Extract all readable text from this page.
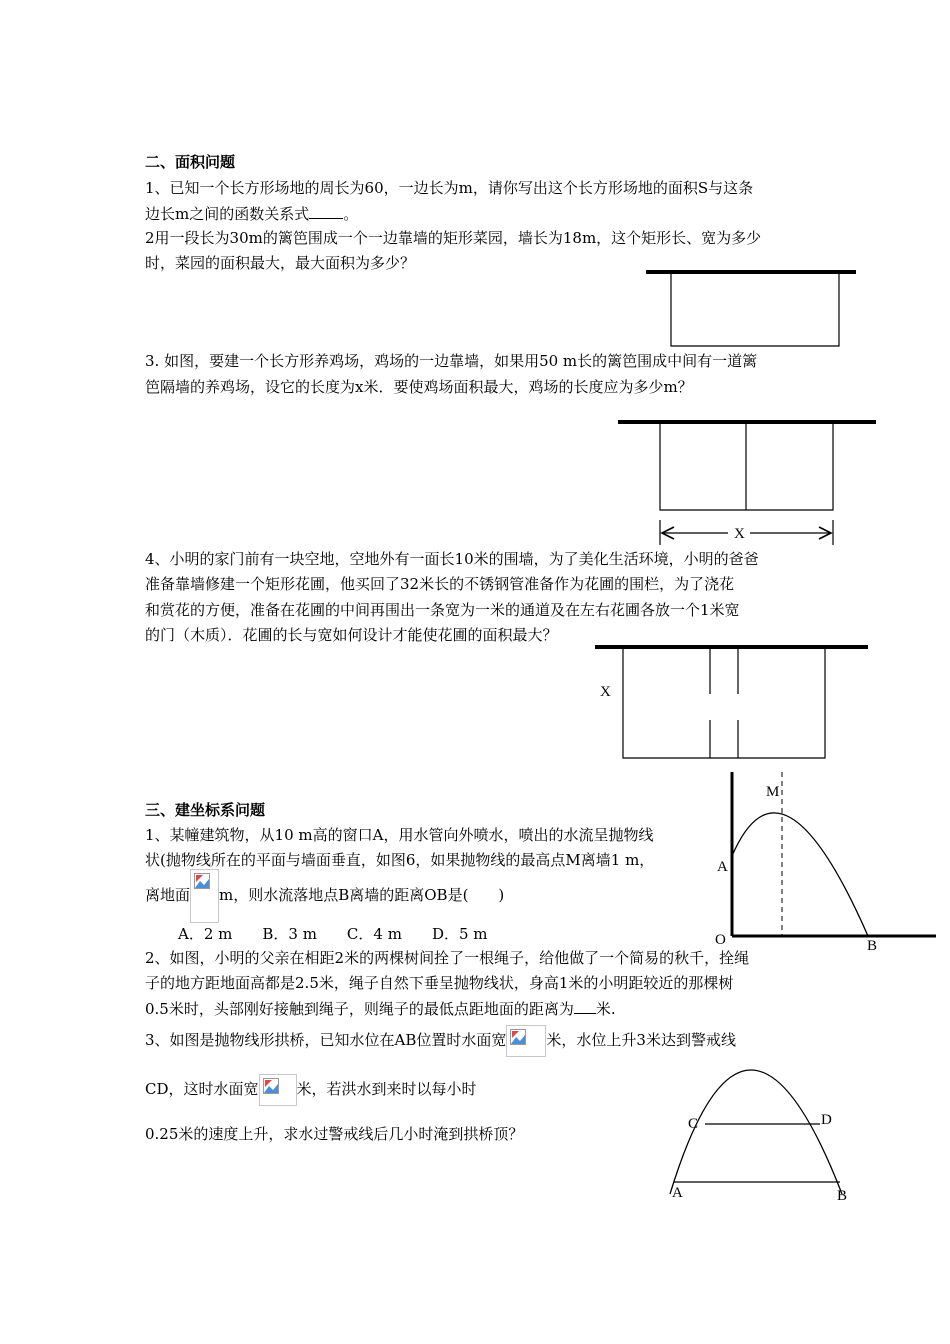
二、面积问题
1、已知一个长方形场地的周长为60，一边长为m，请你写出这个长方形场地的面积S与这条
边长m之间的函数关系式 。
2用一段长为30m的篱笆围成一个一边靠墙的矩形菜园，墙长为18m，这个矩形长、宽为多少
时，菜园的面积最大，最大面积为多少？
3. 如图，要建一个长方形养鸡场，鸡场的一边靠墙，如果用50 m长的篱笆围成中间有一道篱
笆隔墙的养鸡场，设它的长度为x米．要使鸡场面积最大，鸡场的长度应为多少m？
X
4、小明的家门前有一块空地，空地外有一面长10米的围墙，为了美化生活环境，小明的爸爸
准备靠墙修建一个矩形花圃，他买回了32米长的不锈钢管准备作为花圃的围栏，为了浇花
和赏花的方便，准备在花圃的中间再围出一条宽为一米的通道及在左右花圃各放一个1米宽
的门（木质）．花圃的长与宽如何设计才能使花圃的面积最大？
X
三、建坐标系问题
1、某幢建筑物，从10 m高的窗口A，用水管向外喷水，喷出的水流呈抛物线
状(抛物线所在的平面与墙面垂直，如图6，如果抛物线的最高点M离墙1 m，
离地面 m，则水流落地点B离墙的距离OB是(　　)
A．2 m　　B．3 m　　C．4 m　　D．5 m
M
A
O	B
2、如图，小明的父亲在相距2米的两棵树间拴了一根绳子，给他做了一个简易的秋千，拴绳
子的地方距地面高都是2.5米，绳子自然下垂呈抛物线状，身高1米的小明距较近的那棵树
0.5米时，头部刚好接触到绳子，则绳子的最低点距地面的距离为 米.
3、如图是抛物线形拱桥，已知水位在AB位置时水面宽	米，水位上升3米达到警戒线
CD，这时水面宽	米，若洪水到来时以每小时
0.25米的速度上升，求水过警戒线后几小时淹到拱桥顶？
C	D
A	B
